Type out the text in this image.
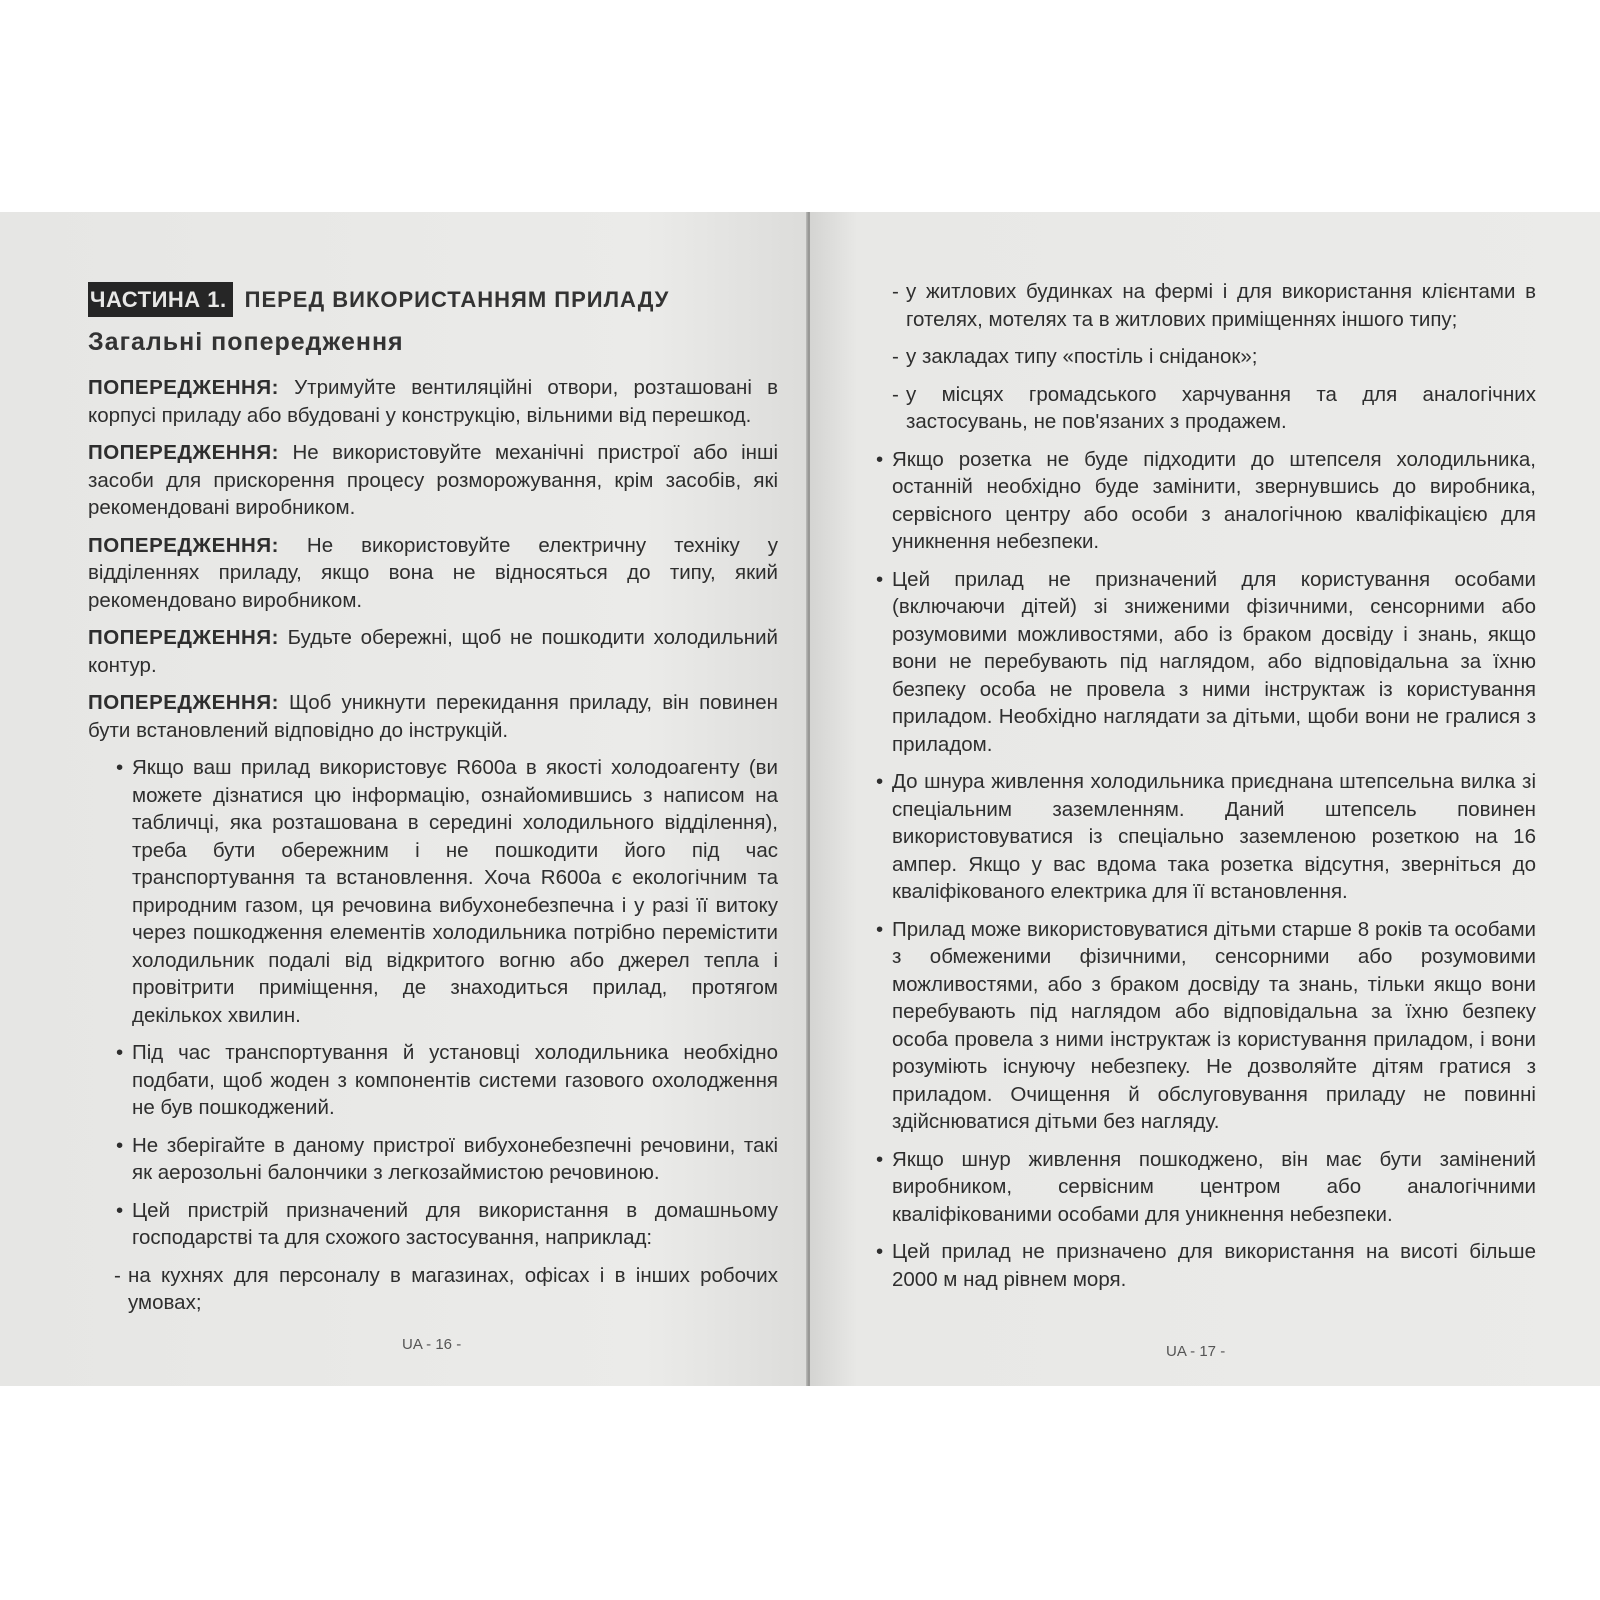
ЧАСТИНА 1. ПЕРЕД ВИКОРИСТАННЯМ ПРИЛАДУ
Загальні попередження

ПОПЕРЕДЖЕННЯ: Утримуйте вентиляційні отвори, розташовані в корпусі приладу або вбудовані у конструкцію, вільними від перешкод.

ПОПЕРЕДЖЕННЯ: Не використовуйте механічні пристрої або інші засоби для прискорення процесу розморожування, крім засобів, які рекомендовані виробником.

ПОПЕРЕДЖЕННЯ: Не використовуйте електричну техніку у відділеннях приладу, якщо вона не відносяться до типу, який рекомендовано виробником.

ПОПЕРЕДЖЕННЯ: Будьте обережні, щоб не пошкодити холодильний контур.

ПОПЕРЕДЖЕННЯ: Щоб уникнути перекидання приладу, він повинен бути встановлений відповідно до інструкцій.

• Якщо ваш прилад використовує R600a в якості холодоагенту (ви можете дізнатися цю інформацію, ознайомившись з написом на табличці, яка розташована в середині холодильного відділення), треба бути обережним і не пошкодити його під час транспортування та встановлення. Хоча R600a є екологічним та природним газом, ця речовина вибухонебезпечна і у разі її витоку через пошкодження елементів холодильника потрібно перемістити холодильник подалі від відкритого вогню або джерел тепла і провітрити приміщення, де знаходиться прилад, протягом декількох хвилин.
• Під час транспортування й установці холодильника необхідно подбати, щоб жоден з компонентів системи газового охолодження не був пошкоджений.
• Не зберігайте в даному пристрої вибухонебезпечні речовини, такі як аерозольні балончики з легкозаймистою речовиною.
• Цей пристрій призначений для використання в домашньому господарстві та для схожого застосування, наприклад:
- на кухнях для персоналу в магазинах, офісах і в інших робочих умовах;
UA - 16 -
- у житлових будинках на фермі і для використання клієнтами в готелях, мотелях та в житлових приміщеннях іншого типу;
- у закладах типу «постіль і сніданок»;
- у місцях громадського харчування та для аналогічних застосувань, не пов'язаних з продажем.
• Якщо розетка не буде підходити до штепселя холодильника, останній необхідно буде замінити, звернувшись до виробника, сервісного центру або особи з аналогічною кваліфікацією для уникнення небезпеки.
• Цей прилад не призначений для користування особами (включаючи дітей) зі зниженими фізичними, сенсорними або розумовими можливостями, або із браком досвіду і знань, якщо вони не перебувають під наглядом, або відповідальна за їхню безпеку особа не провела з ними інструктаж із користування приладом. Необхідно наглядати за дітьми, щоби вони не гралися з приладом.
• До шнура живлення холодильника приєднана штепсельна вилка зі спеціальним заземленням. Даний штепсель повинен використовуватися із спеціально заземленою розеткою на 16 ампер. Якщо у вас вдома така розетка відсутня, зверніться до кваліфікованого електрика для її встановлення.
• Прилад може використовуватися дітьми старше 8 років та особами з обмеженими фізичними, сенсорними або розумовими можливостями, або з браком досвіду та знань, тільки якщо вони перебувають під наглядом або відповідальна за їхню безпеку особа провела з ними інструктаж із користування приладом, і вони розуміють існуючу небезпеку. Не дозволяйте дітям гратися з приладом. Очищення й обслуговування приладу не повинні здійснюватися дітьми без нагляду.
• Якщо шнур живлення пошкоджено, він має бути замінений виробником, сервісним центром або аналогічними кваліфікованими особами для уникнення небезпеки.
• Цей прилад не призначено для використання на висоті більше 2000 м над рівнем моря.
UA - 17 -
